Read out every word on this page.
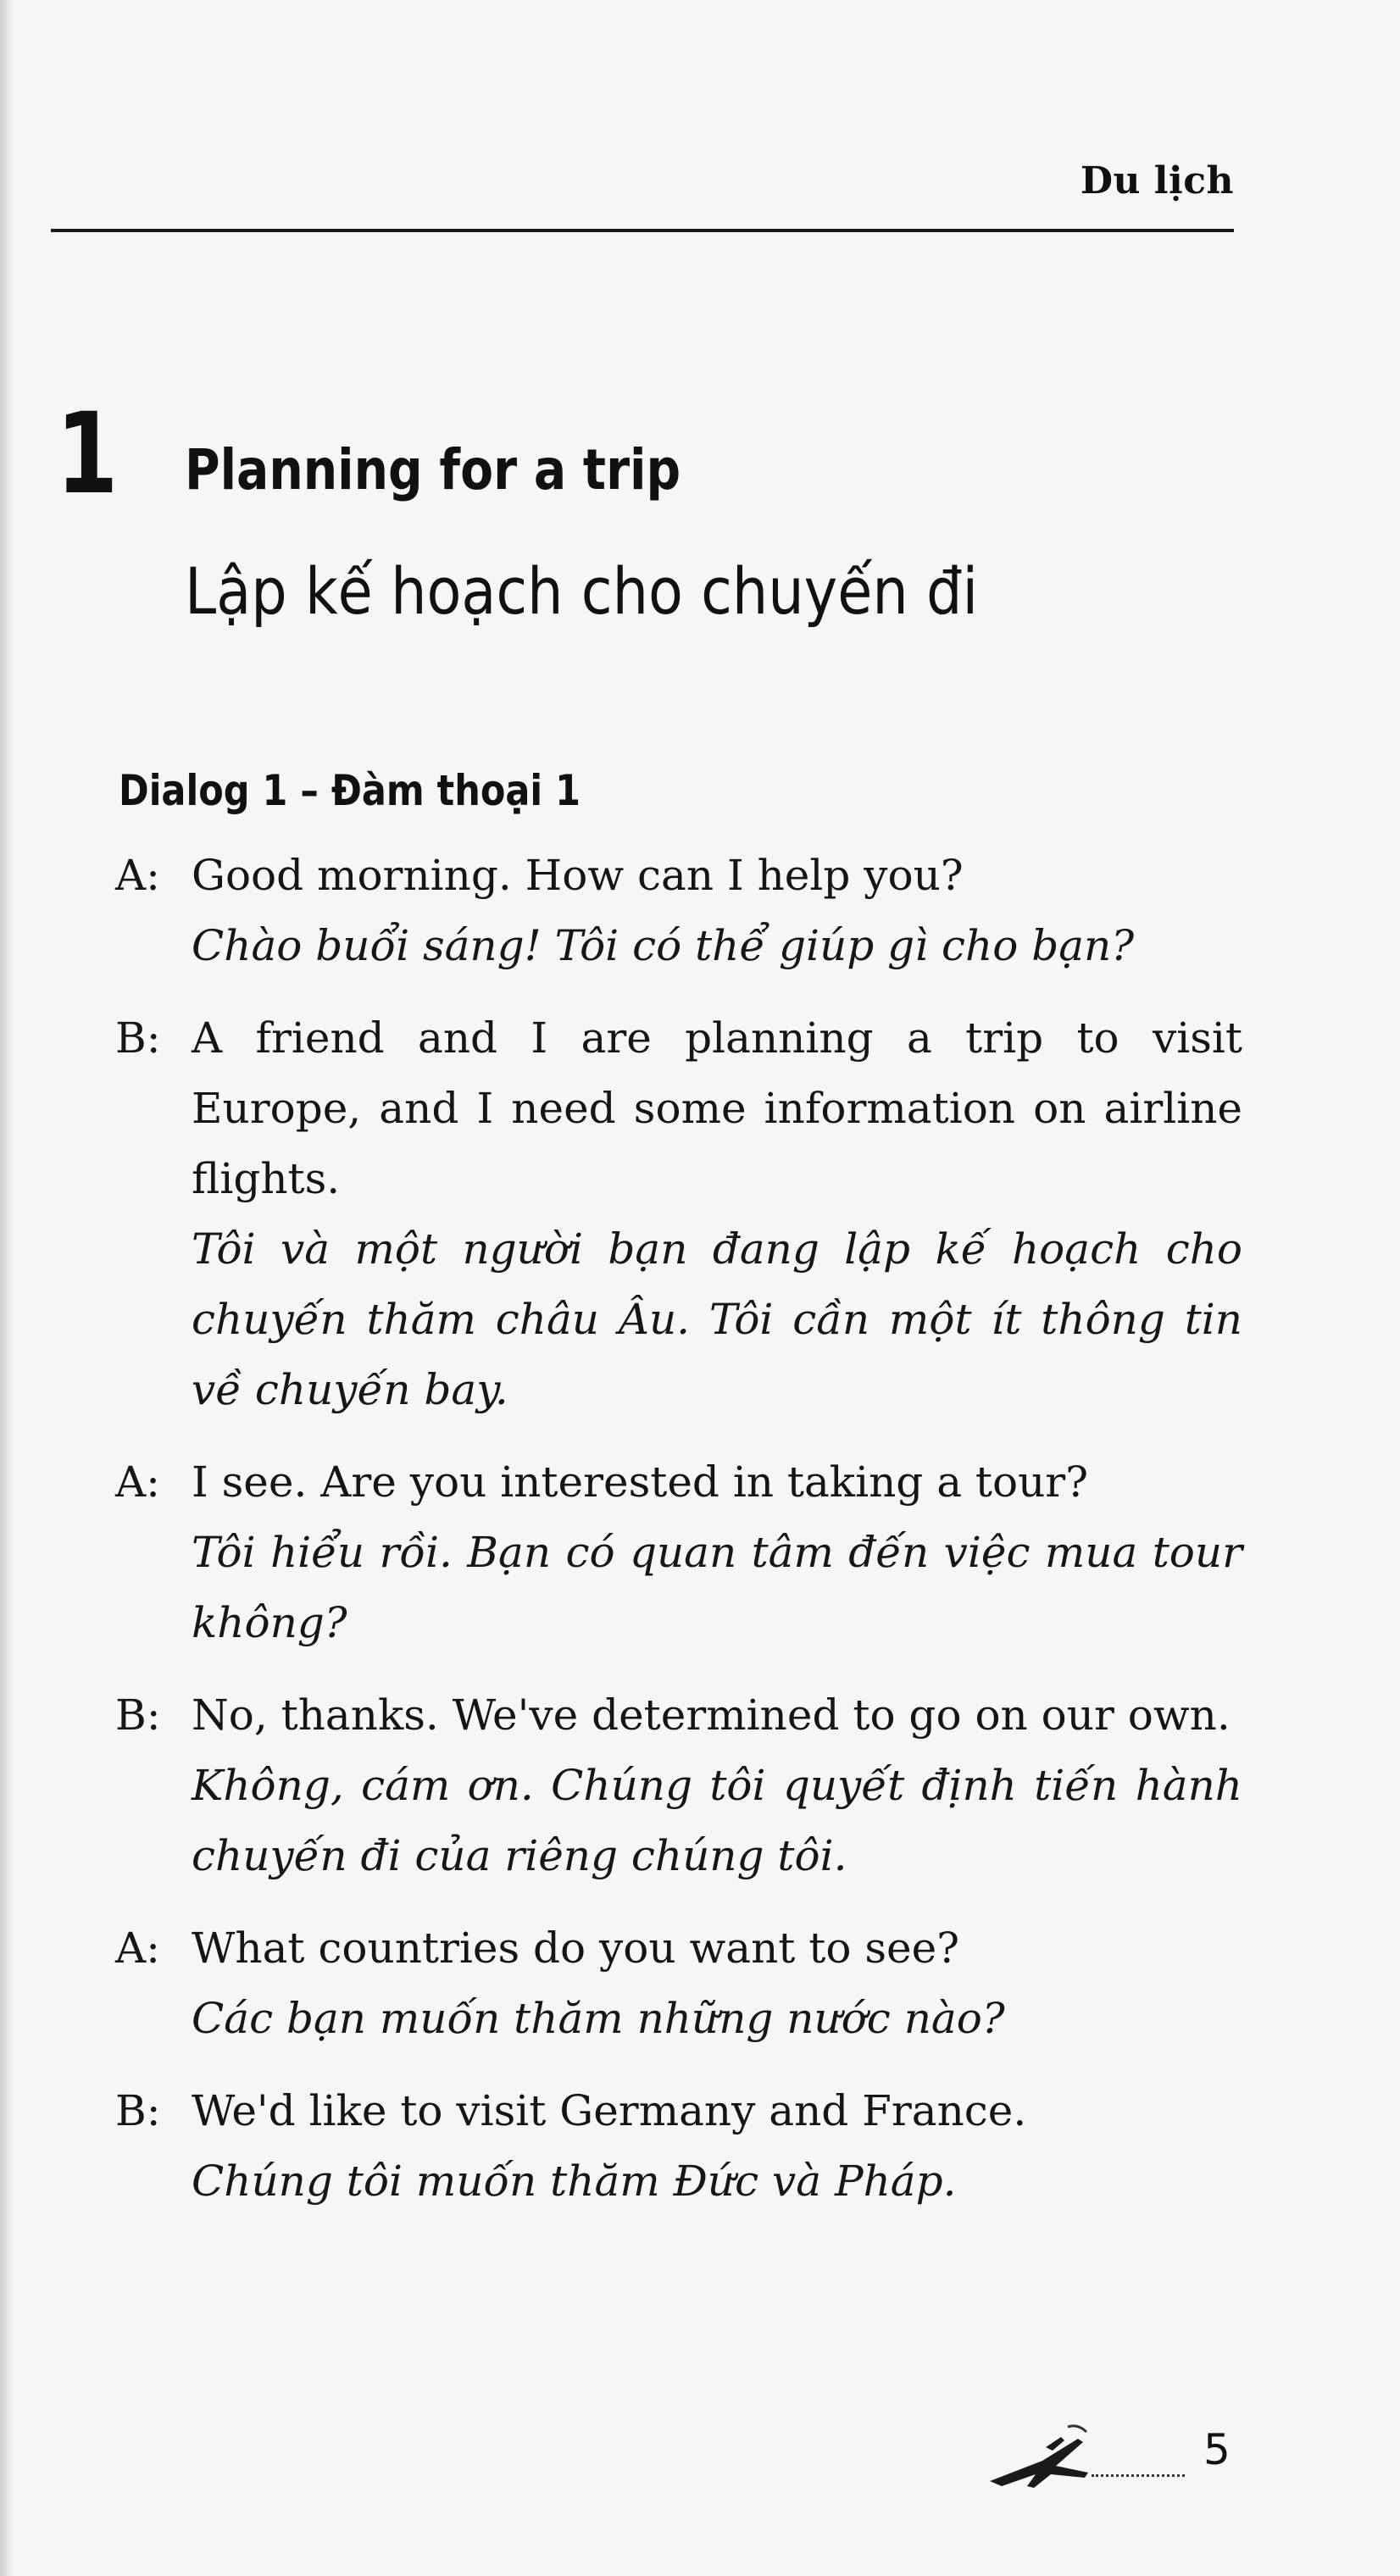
Du lịch
1 Planning for a trip
Lập kế hoạch cho chuyến đi
Dialog 1 – Đàm thoại 1
A: Good morning. How can I help you?
Chào buổi sáng! Tôi có thể giúp gì cho bạn?
B: A friend and I are planning a trip to visit Europe, and I need some information on airline flights.
Tôi và một người bạn đang lập kế hoạch cho chuyến thăm châu Âu. Tôi cần một ít thông tin về chuyến bay.
A: I see. Are you interested in taking a tour?
Tôi hiểu rồi. Bạn có quan tâm đến việc mua tour không?
B: No, thanks. We've determined to go on our own.
Không, cám ơn. Chúng tôi quyết định tiến hành chuyến đi của riêng chúng tôi.
A: What countries do you want to see?
Các bạn muốn thăm những nước nào?
B: We'd like to visit Germany and France.
Chúng tôi muốn thăm Đức và Pháp.
5
